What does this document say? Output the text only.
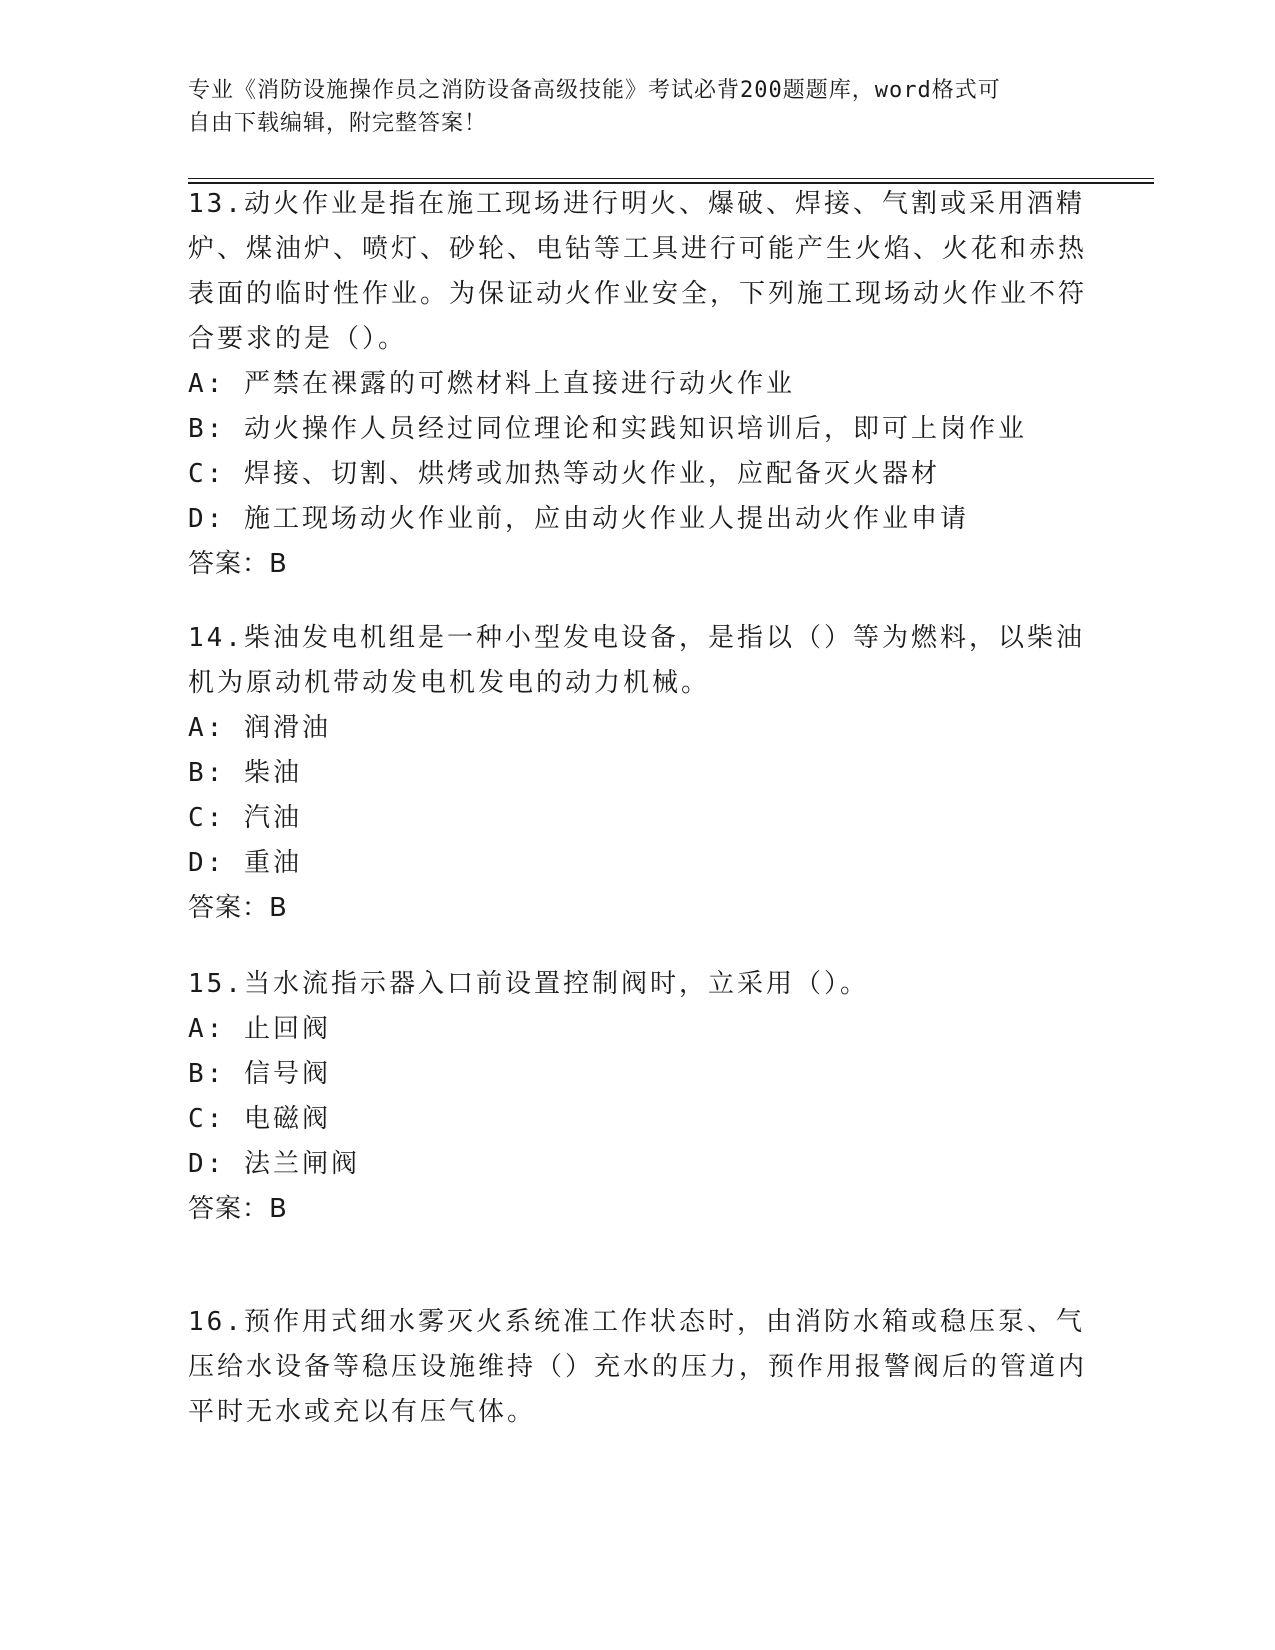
专业《消防设施操作员之消防设备高级技能》考试必背200题题库，word格式可
自由下载编辑，附完整答案！

13.动火作业是指在施工现场进行明火、爆破、焊接、气割或采用酒精炉、煤油炉、喷灯、砂轮、电钻等工具进行可能产生火焰、火花和赤热表面的临时性作业。为保证动火作业安全，下列施工现场动火作业不符合要求的是（）。

A: 严禁在裸露的可燃材料上直接进行动火作业

B: 动火操作人员经过同位理论和实践知识培训后，即可上岗作业

C: 焊接、切割、烘烤或加热等动火作业，应配备灭火器材

D: 施工现场动火作业前，应由动火作业人提出动火作业申请

答案：B

14.柴油发电机组是一种小型发电设备，是指以（）等为燃料，以柴油机为原动机带动发电机发电的动力机械。

A: 润滑油

B: 柴油

C: 汽油

D: 重油

答案：B

15.当水流指示器入口前设置控制阀时，立采用（）。

A: 止回阀

B: 信号阀

C: 电磁阀

D: 法兰闸阀

答案：B

16.预作用式细水雾灭火系统准工作状态时，由消防水箱或稳压泵、气压给水设备等稳压设施维持（）充水的压力，预作用报警阀后的管道内平时无水或充以有压气体。
